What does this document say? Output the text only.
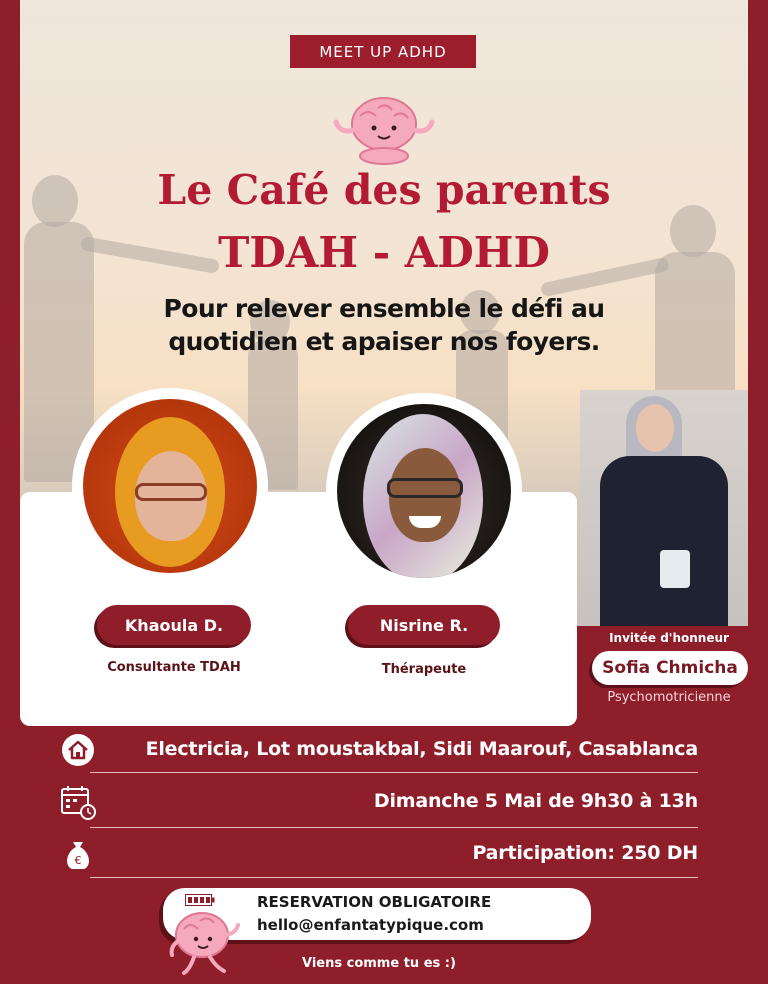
MEET UP ADHD
Le Café des parents
TDAH - ADHD
Pour relever ensemble le défi au
quotidien et apaiser nos foyers.
Khaoula D.
Consultante TDAH
Nisrine R.
Thérapeute
Invitée d'honneur
Sofia Chmicha
Psychomotricienne
Electricia, Lot moustakbal, Sidi Maarouf, Casablanca
Dimanche 5 Mai de 9h30 à 13h
€	Participation: 250 DH
RESERVATION OBLIGATOIRE
hello@enfantatypique.com
Viens comme tu es :)
